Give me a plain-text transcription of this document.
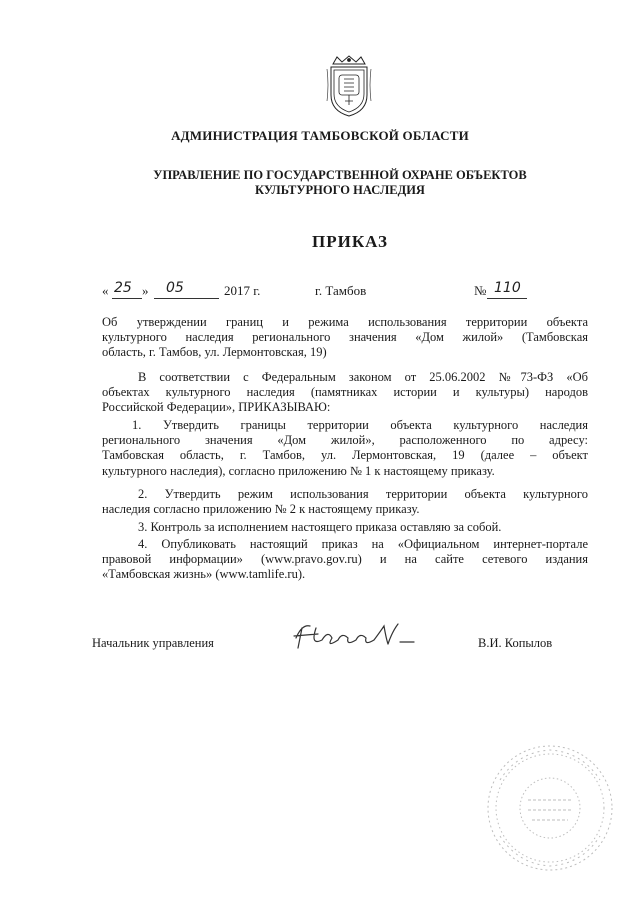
АДМИНИСТРАЦИЯ ТАМБОВСКОЙ ОБЛАСТИ
УПРАВЛЕНИЕ ПО ГОСУДАРСТВЕННОЙ ОХРАНЕ ОБЪЕКТОВ
КУЛЬТУРНОГО НАСЛЕДИЯ
ПРИКАЗ
« 25 » 05	2017 г.	г. Тамбов	№ 110
Об утверждении границ и режима использования территории объекта
культурного наследия регионального значения «Дом жилой» (Тамбовская
область, г. Тамбов, ул. Лермонтовская, 19)
В соответствии с Федеральным законом от 25.06.2002 №73-ФЗ «Об
объектах культурного наследия (памятниках истории и культуры) народов
Российской Федерации», ПРИКАЗЫВАЮ:
1. Утвердить границы территории объекта культурного наследия
регионального значения «Дом жилой», расположенного по адресу:
Тамбовская область, г. Тамбов, ул. Лермонтовская, 19 (далее – объект
культурного наследия), согласно приложению № 1 к настоящему приказу.
2. Утвердить режим использования территории объекта культурного
наследия согласно приложению № 2 к настоящему приказу.
3. Контроль за исполнением настоящего приказа оставляю за собой.
4. Опубликовать настоящий приказ на «Официальном интернет-портале
правовой информации» (www.pravo.gov.ru) и на сайте сетевого издания
«Тамбовская жизнь» (www.tamlife.ru).
Начальник управления	В.И. Копылов
